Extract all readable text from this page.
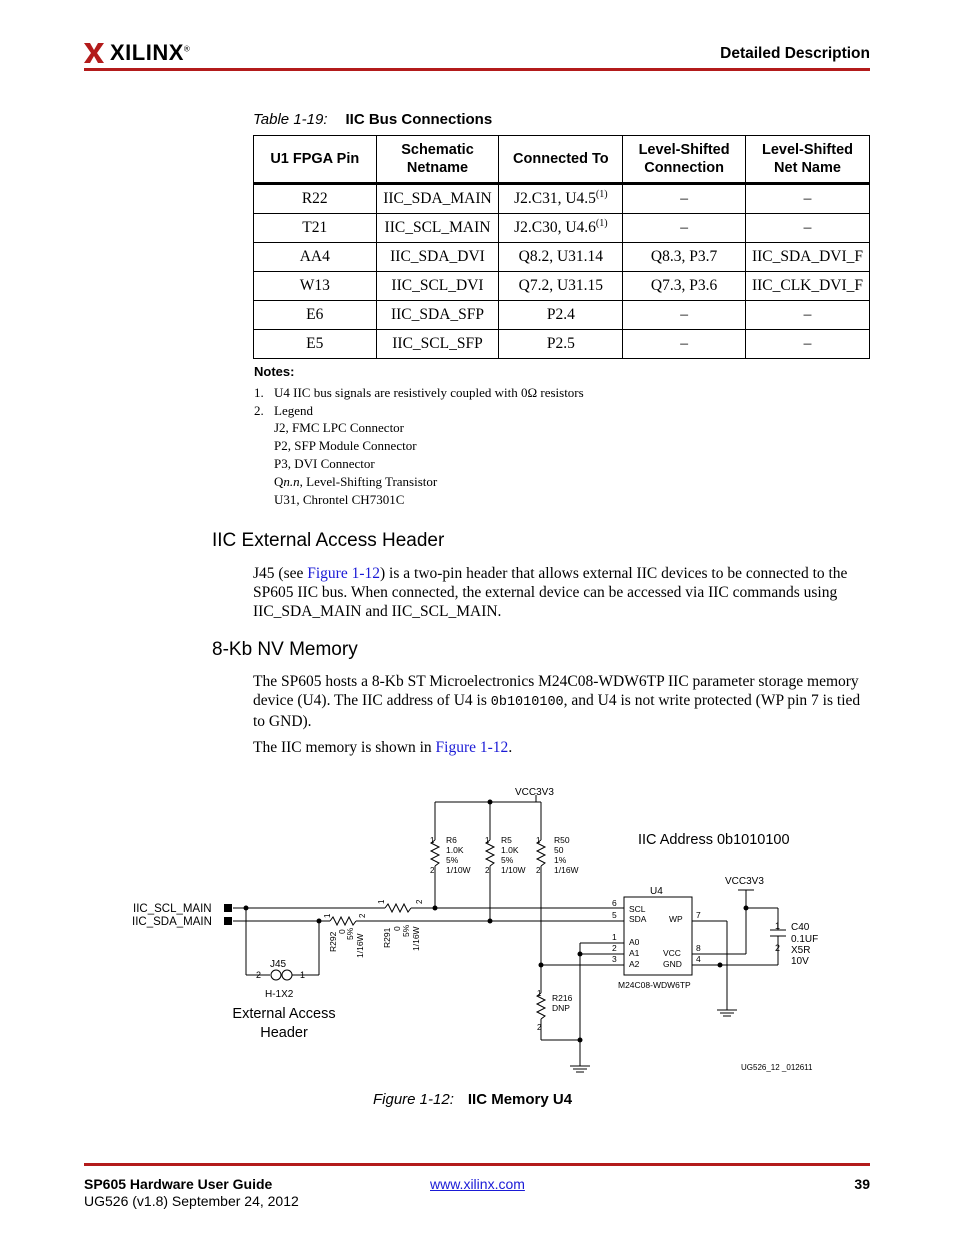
XILINX®	Detailed Description
Table 1-19: IIC Bus Connections
U1 FPGA Pin	Schematic Netname	Connected To	Level-Shifted Connection	Level-Shifted Net Name
R22	IIC_SDA_MAIN	J2.C31, U4.5$^{(1)}$	–	–
T21	IIC_SCL_MAIN	J2.C30, U4.6$^{(1)}$	–	–
AA4	IIC_SDA_DVI	Q8.2, U31.14	Q8.3, P3.7	IIC_SDA_DVI_F
W13	IIC_SCL_DVI	Q7.2, U31.15	Q7.3, P3.6	IIC_CLK_DVI_F
E6	IIC_SDA_SFP	P2.4	–	–
E5	IIC_SCL_SFP	P2.5	–	–
Notes:
1. U4 IIC bus signals are resistively coupled with 0Ω resistors
2. Legend
J2, FMC LPC Connector
P2, SFP Module Connector
P3, DVI Connector
Qn.n, Level-Shifting Transistor
U31, Chrontel CH7301C
IIC External Access Header

J45 (see Figure 1-12) is a two-pin header that allows external IIC devices to be connected to the SP605 IIC bus. When connected, the external device can be accessed via IIC commands using IIC_SDA_MAIN and IIC_SCL_MAIN.

8-Kb NV Memory

The SP605 hosts a 8-Kb ST Microelectronics M24C08-WDW6TP IIC parameter storage memory device (U4). The IIC address of U4 is 0b1010100, and U4 is not write protected (WP pin 7 is tied to GND).

The IIC memory is shown in Figure 1-12.

VCC3V3
IIC Address 0b1010100
1
2
R6
1.0K
5%
1/10W
1
2
R5
1.0K
5%
1/10W
1
2
R50
50
1%
1/16W
IIC_SCL_MAIN
IIC_SDA_MAIN
1	2
1	2
R292
0
5% 1/16W R291 0 5% 1/16W
J45
2	1
H-1X2
External Access
Header
U4
SCL
SDA
A0
A1
A2
WP
VCC
GND
6
5
1
2
3
7
8
4
M24C08-WDW6TP
VCC3V3
1
2
C40
0.1UF
X5R
10V
1
2
R216
DNP
UG526_12 _012611
Figure 1-12: IIC Memory U4
SP605 Hardware User Guide
UG526 (v1.8) September 24, 2012
www.xilinx.com	39
